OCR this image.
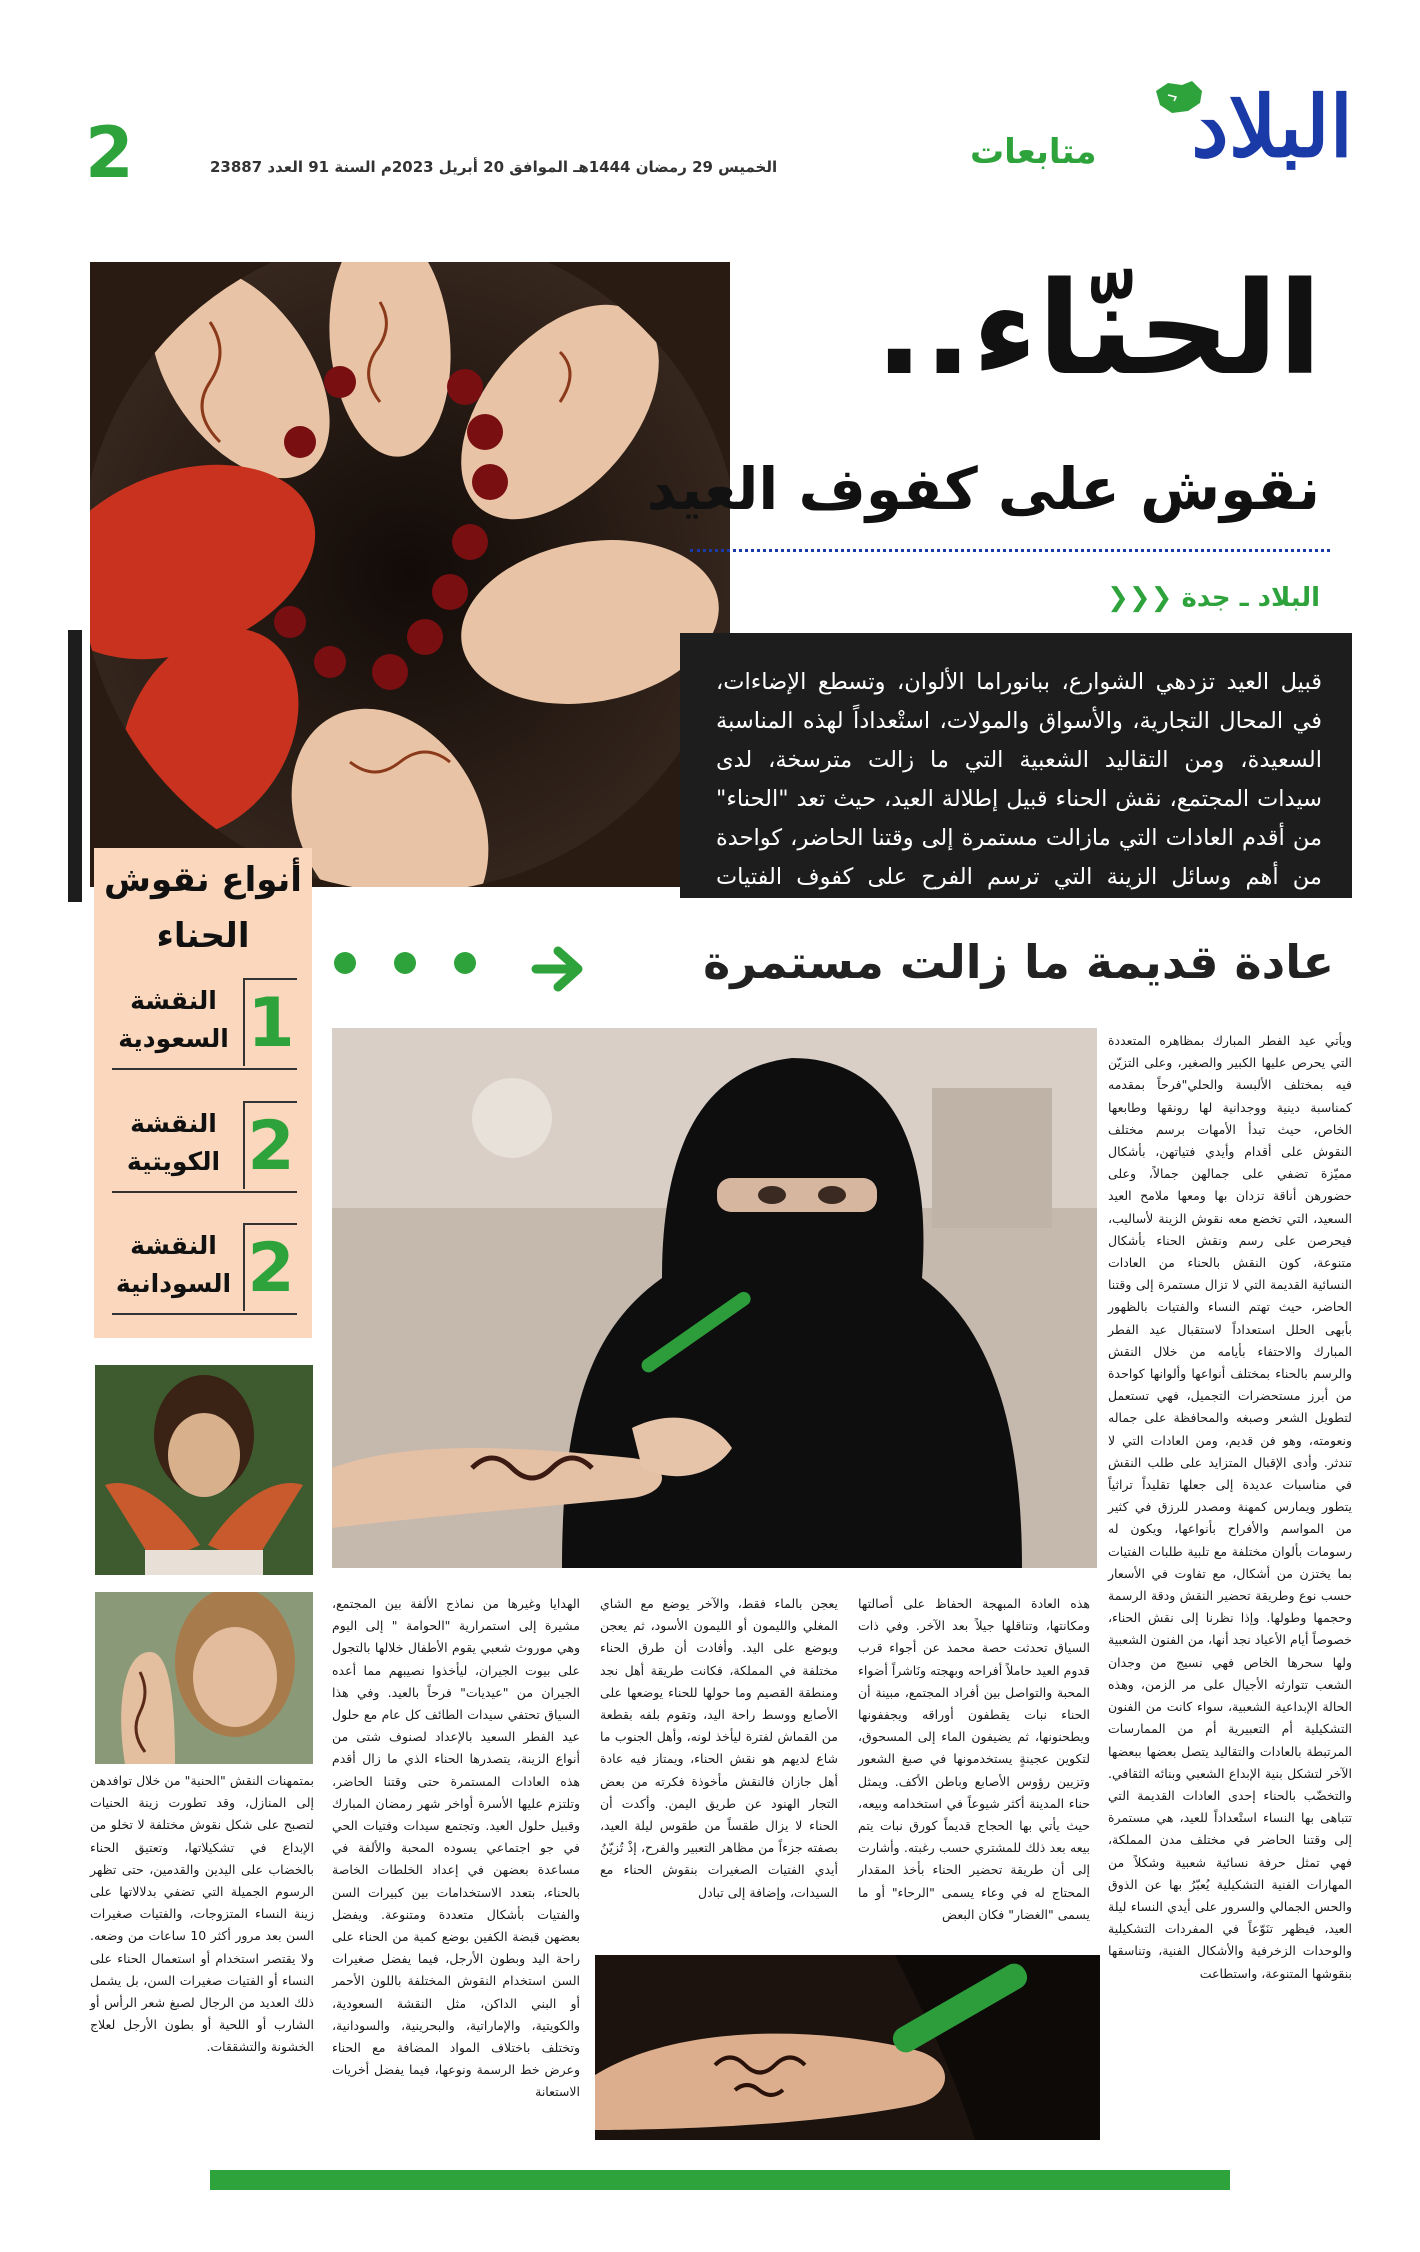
2	الخميس 29 رمضان 1444هـ الموافق 20 أبريل 2023م السنة 91 العدد 23887	متابعات البلاد
الحنّاء..
نقوش على كفوف العيد
البلاد ـ جدة ❮❮❮
قبيل العيد تزدهي الشوارع، ببانوراما الألوان، وتسطع الإضاءات، في المحال التجارية، والأسواق والمولات، استْعداداً لهذه المناسبة السعيدة، ومن التقاليد الشعبية التي ما زالت مترسخة، لدى سيدات المجتمع، نقش الحناء قبيل إطلالة العيد، حيث تعد "الحناء" من أقدم العادات التي مازالت مستمرة إلى وقتنا الحاضر، كواحدة من أهم وسائل الزينة التي ترسم الفرح على كفوف الفتيات ابْتهاجاً بالمناسبات السعيدة.
أنواع نقوش الحناء
1
النقشة السعودية
2
النقشة الكويتية
2
النقشة السودانية
عادة قديمة ما زالت مستمرة
ويأتي عيد الفطر المبارك بمظاهره المتعددة التي يحرص عليها الكبير والصغير، وعلى التزيّن فيه بمختلف الألبسة والحلي"فرحاً بمقدمه كمناسبة دينية ووجدانية لها رونقها وطابعها الخاص، حيث تبدأ الأمهات برسم مختلف النقوش على أقدام وأيدي فتياتهن، بأشكال مميّزة تضفي على جمالهن جمالاً، وعلى حضورهن أناقة تزدان بها ومعها ملامح العيد السعيد، التي تخضع معه نقوش الزينة لأساليب، فيحرصن على رسم ونقش الحناء بأشكال متنوعة، كون النقش بالحناء من العادات النسائية القديمة التي لا تزال مستمرة إلى وقتنا الحاضر، حيث تهتم النساء والفتيات بالظهور بأبهى الحلل استعداداً لاستقبال عيد الفطر المبارك والاحتفاء بأيامه من خلال النقش والرسم بالحناء بمختلف أنواعها وألوانها كواحدة من أبرز مستحضرات التجميل، فهي تستعمل لتطويل الشعر وصبغه والمحافظة على جماله ونعومته، وهو فن قديم، ومن العادات التي لا تندثر. وأدى الإقبال المتزايد على طلب النقش في مناسبات عديدة إلى جعلها تقليداً تراثياً يتطور ويمارس كمهنة ومصدر للرزق في كثير من المواسم والأفراح بأنواعها، ويكون له رسومات بألوان مختلفة مع تلبية طلبات الفتيات بما يختزن من أشكال، مع تفاوت في الأسعار حسب نوع وطريقة تحضير النقش ودقة الرسمة وحجمها وطولها. وإذا نظرنا إلى نقش الحناء، خصوصاً أيام الأعياد نجد أنها، من الفنون الشعبية ولها سحرها الخاص فهي نسيج من وجدان الشعب تتوارثه الأجيال على مر الزمن، وهذه الحالة الإبداعية الشعبية، سواء كانت من الفنون التشكيلية أم التعبيرية أم من الممارسات المرتبطة بالعادات والتقاليد يتصل بعضها ببعضها الآخر لتشكل بنية الإبداع الشعبي وبنائه الثقافي. والتخضّب بالحناء إحدى العادات القديمة التي تتباهى بها النساء استْعداداً للعيد، هي مستمرة إلى وقتنا الحاضر في مختلف مدن المملكة، فهي تمثل حرفة نسائية شعبية وشكلاً من المهارات الفنية التشكيلية يُعبّرُ بها عن الذوق والحس الجمالي والسرور على أيدي النساء ليلة العيد، فيظهر تنَوّعاً في المفردات التشكيلية والوحدات الزخرفية والأشكال الفنية، وتناسقها بنقوشها المتنوعة، واستطاعت
هذه العادة المبهجة الحفاظ على أصالتها ومكانتها، وتناقلها جيلاً بعد الآخر. وفي ذات السياق تحدثت حصة محمد عن أجواء قرب قدوم العيد حاملاً أفراحه وبهجته ونَاشراً أضواء المحبة والتواصل بين أفراد المجتمع، مبينة أن الحناء نبات يقطفون أوراقه ويجففونها ويطحنونها، ثم يضيفون الماء إلى المسحوق، لتكوين عجينةٍ يستخدمونها في صبغ الشعور وتزيين رؤوس الأصابع وباطن الأكف. ويمثل حناء المدينة أكثر شيوعاً في استخدامه وبيعه، حيث يأتي بها الحجاج قديماً كورق نبات يتم بيعه بعد ذلك للمشتري حسب رغبته. وأشارت إلى أن طريقة تحضير الحناء بأخذ المقدار المحتاج له في وعاء يسمى "الرحاء" أو ما يسمى "الغضار" فكان البعض
يعجن بالماء فقط، والآخر يوضع مع الشاي المغلي والليمون أو الليمون الأسود، ثم يعجن ويوضع على اليد. وأفادت أن طرق الحناء مختلفة في المملكة، فكانت طريقة أهل نجد ومنطقة القصيم وما حولها للحناء يوضعها على الأصابع ووسط راحة اليد، وتقوم بلفه بقطعة من القماش لفترة ليأخذ لونه، وأهل الجنوب ما شاع لديهم هو نقش الحناء، ويمتاز فيه عادة أهل جازان فالنقش مأخوذة فكرته من بعض التجار الهنود عن طريق اليمن. وأكدت أن الحناء لا يزال طقساً من طقوس ليلة العيد، بصفته جزءاً من مظاهر التعبير والفرح، إذْ تُزيّنُ أيدي الفتيات الصغيرات بنقوش الحناء مع السيدات، وإضافة إلى تبادل
الهدايا وغيرها من نماذج الألفة بين المجتمع، مشيرة إلى استمرارية "الحوامة " إلى اليوم وهي موروث شعبي يقوم الأطفال خلالها بالتجول على بيوت الجيران، ليأخذوا نصيبهم مما أعده الجيران من "عيديات" فرحاً بالعيد. وفي هذا السياق تحتفي سيدات الطائف كل عام مع حلول عيد الفطر السعيد بالإعداد لصنوف شتى من أنواع الزينة، يتصدرها الحناء الذي ما زال أقدم هذه العادات المستمرة حتى وقتنا الحاضر، وتلتزم عليها الأسرة أواخر شهر رمضان المبارك وقبيل حلول العيد. وتجتمع سيدات وفتيات الحي في جو اجتماعي يسوده المحبة والألفة في مساعدة بعضهن في إعداد الخلطات الخاصة بالحناء، بتعدد الاستخدامات بين كبيرات السن والفتيات بأشكال متعددة ومتنوعة. ويفضل بعضهن قبضة الكفين بوضع كمية من الحناء على راحة اليد وبطون الأرجل، فيما يفضل صغيرات السن استخدام النقوش المختلفة باللون الأحمر أو البني الداكن، مثل النقشة السعودية، والكويتية، والإماراتية، والبحرينية، والسودانية، وتختلف باختلاف المواد المضافة مع الحناء وعرض خط الرسمة ونوعها، فيما يفضل أخريات الاستعانة
بمتمهنات النقش "الحنية" من خلال توافدهن إلى المنازل، وقد تطورت زينة الحنيات لتصبح على شكل نقوش مختلفة لا تخلو من الإبداع في تشكيلاتها، وتعتيق الحناء بالخضاب على اليدين والقدمين، حتى تظهر الرسوم الجميلة التي تضفي بدلالاتها على زينة النساء المتزوجات، والفتيات صغيرات السن بعد مرور أكثر 10 ساعات من وضعه. ولا يقتصر استخدام أو استعمال الحناء على النساء أو الفتيات صغيرات السن، بل يشمل ذلك العديد من الرجال لصبغ شعر الرأس أو الشارب أو اللحية أو بطون الأرجل لعلاج الخشونة والتشققات.
